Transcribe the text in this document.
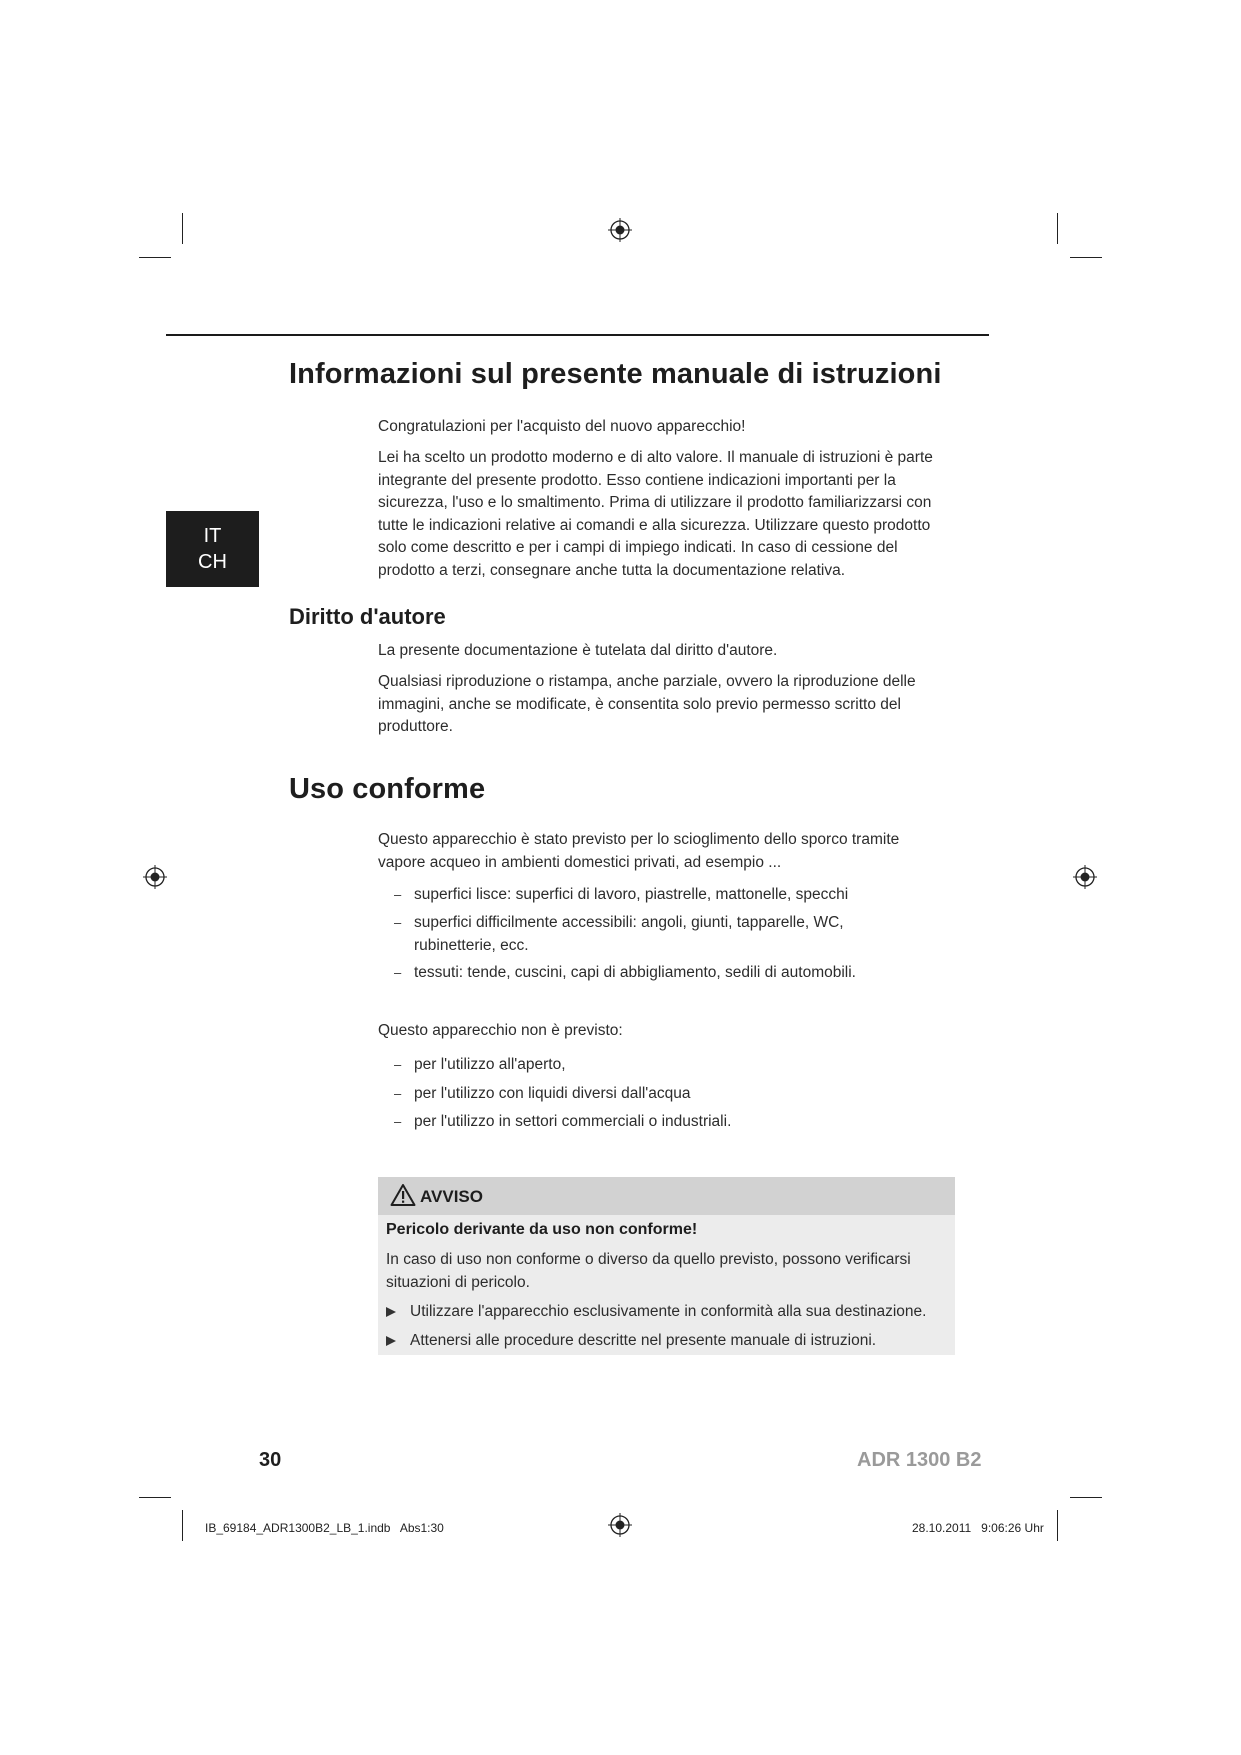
Informazioni sul presente manuale di istruzioni
Congratulazioni per l'acquisto del nuovo apparecchio!
Lei ha scelto un prodotto moderno e di alto valore. Il manuale di istruzioni è parte
integrante del presente prodotto. Esso contiene indicazioni importanti per la
sicurezza, l'uso e lo smaltimento. Prima di utilizzare il prodotto familiarizzarsi con
tutte le indicazioni relative ai comandi e alla sicurezza. Utilizzare questo prodotto
solo come descritto e per i campi di impiego indicati. In caso di cessione del
prodotto a terzi, consegnare anche tutta la documentazione relativa.
IT
CH
Diritto d'autore
La presente documentazione è tutelata dal diritto d'autore.
Qualsiasi riproduzione o ristampa, anche parziale, ovvero la riproduzione delle
immagini, anche se modificate, è consentita solo previo permesso scritto del
produttore.
Uso conforme
Questo apparecchio è stato previsto per lo scioglimento dello sporco tramite
vapore acqueo in ambienti domestici privati, ad esempio ...
– superfici lisce: superfici di lavoro, piastrelle, mattonelle, specchi
– superfici difficilmente accessibili: angoli, giunti, tapparelle, WC,
rubinetterie, ecc.
– tessuti: tende, cuscini, capi di abbigliamento, sedili di automobili.
Questo apparecchio non è previsto:
– per l'utilizzo all'aperto,
– per l'utilizzo con liquidi diversi dall'acqua
– per l'utilizzo in settori commerciali o industriali.
AVVISO
Pericolo derivante da uso non conforme!
In caso di uso non conforme o diverso da quello previsto, possono verificarsi
situazioni di pericolo.
Utilizzare l'apparecchio esclusivamente in conformità alla sua destinazione.
Attenersi alle procedure descritte nel presente manuale di istruzioni.
30	ADR 1300 B2
IB_69184_ADR1300B2_LB_1.indb   Abs1:30	28.10.2011   9:06:26 Uhr
